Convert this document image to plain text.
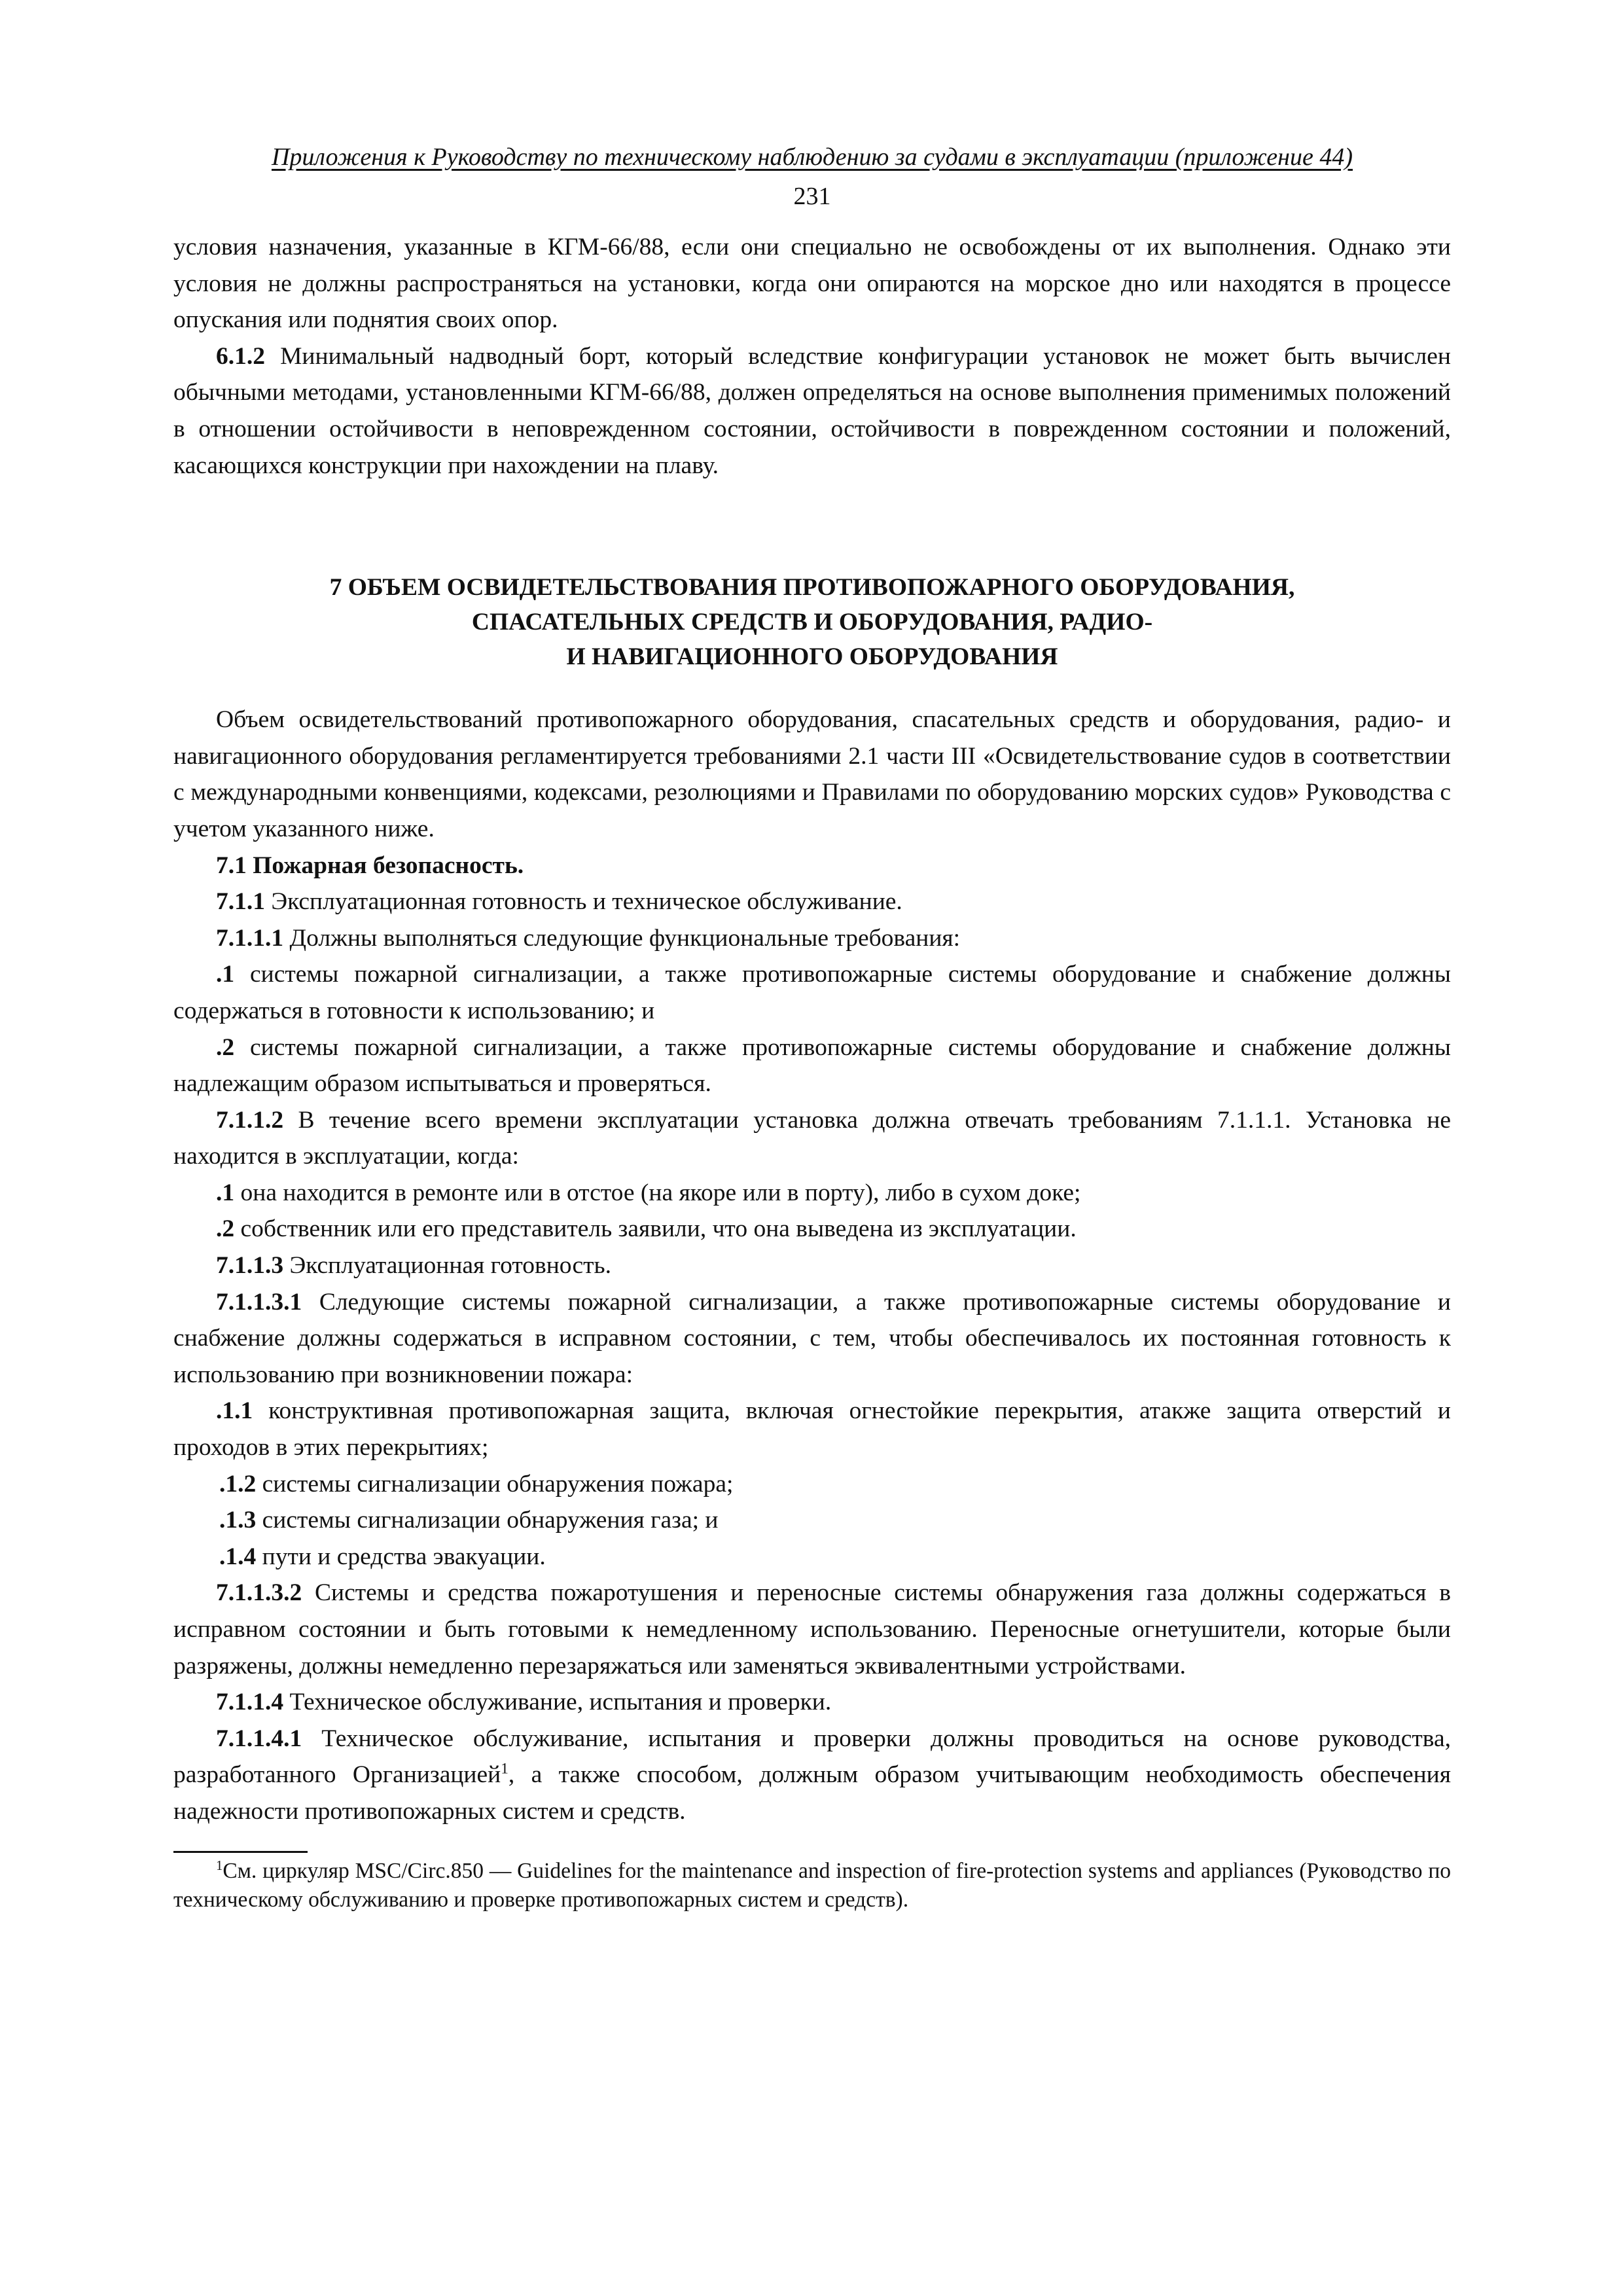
Приложения к Руководству по техническому наблюдению за судами в эксплуатации (приложение 44)
231
условия назначения, указанные в КГМ-66/88, если они специально не освобождены от их выполнения. Однако эти условия не должны распространяться на установки, когда они опираются на морское дно или находятся в процессе опускания или поднятия своих опор.
6.1.2 Минимальный надводный борт, который вследствие конфигурации установок не может быть вычислен обычными методами, установленными КГМ-66/88, должен определяться на основе выполнения применимых положений в отношении остойчивости в неповрежденном состоянии, остойчивости в поврежденном состоянии и положений, касающихся конструкции при нахождении на плаву.
7 ОБЪЕМ ОСВИДЕТЕЛЬСТВОВАНИЯ ПРОТИВОПОЖАРНОГО ОБОРУДОВАНИЯ,
СПАСАТЕЛЬНЫХ СРЕДСТВ И ОБОРУДОВАНИЯ, РАДИО-
И НАВИГАЦИОННОГО ОБОРУДОВАНИЯ
Объем освидетельствований противопожарного оборудования, спасательных средств и оборудования, радио- и навигационного оборудования регламентируется требованиями 2.1 части III «Освидетельствование судов в соответствии с международными конвенциями, кодексами, резолюциями и Правилами по оборудованию морских судов» Руководства с учетом указанного ниже.
7.1 Пожарная безопасность.
7.1.1 Эксплуатационная готовность и техническое обслуживание.
7.1.1.1 Должны выполняться следующие функциональные требования:
.1 системы пожарной сигнализации, а также противопожарные системы оборудование и снабжение должны содержаться в готовности к использованию; и
.2 системы пожарной сигнализации, а также противопожарные системы оборудование и снабжение должны надлежащим образом испытываться и проверяться.
7.1.1.2 В течение всего времени эксплуатации установка должна отвечать требованиям 7.1.1.1. Установка не находится в эксплуатации, когда:
.1 она находится в ремонте или в отстое (на якоре или в порту), либо в сухом доке;
.2 собственник или его представитель заявили, что она выведена из эксплуатации.
7.1.1.3 Эксплуатационная готовность.
7.1.1.3.1 Следующие системы пожарной сигнализации, а также противопожарные системы оборудование и снабжение должны содержаться в исправном состоянии, с тем, чтобы обеспечивалось их постоянная готовность к использованию при возникновении пожара:
.1.1 конструктивная противопожарная защита, включая огнестойкие перекрытия, атакже защита отверстий и проходов в этих перекрытиях;
.1.2 системы сигнализации обнаружения пожара;
.1.3 системы сигнализации обнаружения газа; и
.1.4 пути и средства эвакуации.
7.1.1.3.2 Системы и средства пожаротушения и переносные системы обнаружения газа должны содержаться в исправном состоянии и быть готовыми к немедленному использованию. Переносные огнетушители, которые были разряжены, должны немедленно перезаряжаться или заменяться эквивалентными устройствами.
7.1.1.4 Техническое обслуживание, испытания и проверки.
7.1.1.4.1 Техническое обслуживание, испытания и проверки должны проводиться на основе руководства, разработанного Организацией$^1$, а также способом, должным образом учитывающим необходимость обеспечения надежности противопожарных систем и средств.
$^1$См. циркуляр MSC/Circ.850 — Guidelines for the maintenance and inspection of fire-protection systems and appliances (Руководство по техническому обслуживанию и проверке противопожарных систем и средств).
